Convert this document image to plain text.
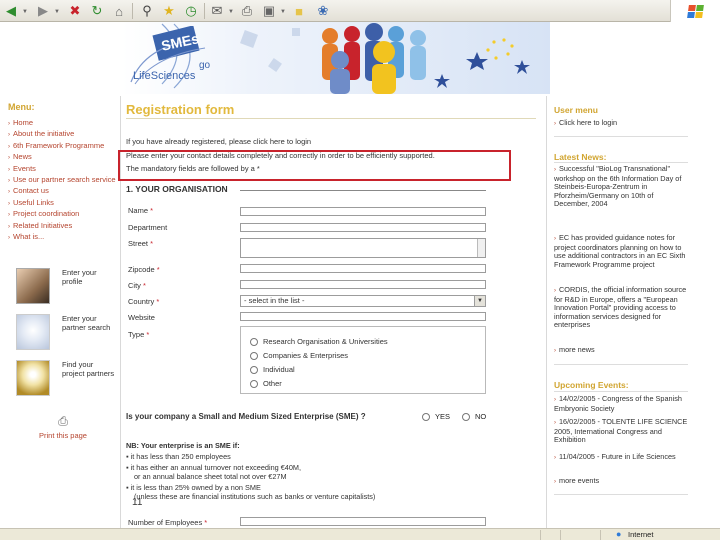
◀	▼ ▶	▼ ✖ ↻ ⌂	⚲ ★ ◷ ✉ ▼ ⎙ ▣ ▼ ■	❀
SMEs
go
LifeSciences
Menu:
› Home
› About the initiative
› 6th Framework Programme
› News
› Events
› Use our partner search service
› Contact us
› Useful Links
› Project coordination
› Related Initiatives
› What is...
Enter your profile
Enter your partner search
Find your project partners
⎙
Print this page
Registration form
If you have already registered, please click here to login
Please enter your contact details completely and correctly in order to be efficiently supported.
The mandatory fields are followed by a *
1. YOUR ORGANISATION
Name *
Department
Street *
Zipcode *
City *
Country *	- select in the list -	▼
Website
Type *
Research Organisation & Universities
Companies & Enterprises
Individual
Other
Is your company a Small and Medium Sized Enterprise (SME) ?	YES	NO
NB: Your enterprise is an SME if:
▪ it has less than 250 employees
▪ it has either an annual turnover not exceeding €40M,
or an annual balance sheet total not over €27M
▪ it is less than 25% owned by a non SME
(unless these are financial institutions such as banks or venture capitalists)
11
Number of Employees *
User menu
› Click here to login
Latest News:
› Successful "BioLog Transnational" workshop on the 6th Information Day of Steinbeis-Europa-Zentrum in Pforzheim/Germany on 10th of December, 2004
› EC has provided guidance notes for project coordinators planning on how to use additional contractors in an EC Sixth Framework Programme project
› CORDIS, the official information source for R&D in Europe, offers a "European Innovation Portal" providing access to information services designed for enterprises
› more news
Upcoming Events:
› 14/02/2005 - Congress of the Spanish Embryonic Society
› 16/02/2005 - TOLENTE LIFE SCIENCE 2005, International Congress and Exhibition
› 11/04/2005 - Future in Life Sciences
› more events
● Internet
